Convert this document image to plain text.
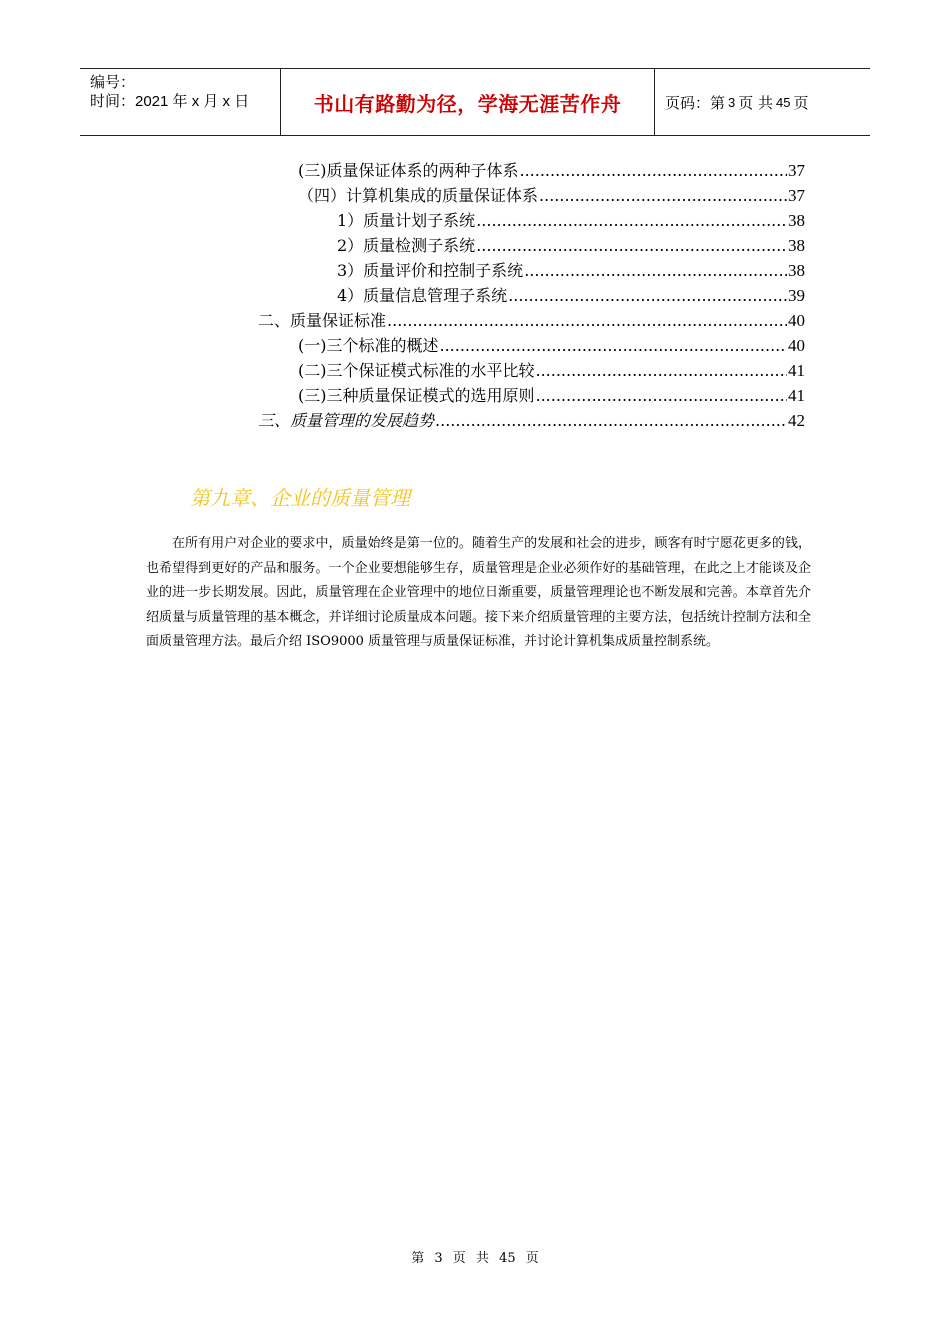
编号：
时间：2021 年 x 月 x 日	书山有路勤为径，学海无涯苦作舟	页码：第 3 页 共 45 页
(三)质量保证体系的两种子体系 .....	37
（四）计算机集成的质量保证体系 .....	37
1）质量计划子系统 .....	38
2）质量检测子系统 .....	38
3）质量评价和控制子系统 .....	38
4）质量信息管理子系统 .....	39
二、质量保证标准 .....	40
(一)三个标准的概述 .....	40
(二)三个保证模式标准的水平比较 .....	41
(三)三种质量保证模式的选用原则 .....	41
三、质量管理的发展趋势 .....	42
第九章、企业的质量管理

在所有用户对企业的要求中，质量始终是第一位的。随着生产的发展和社会的进步，顾客有时宁愿花更多的钱，也希望得到更好的产品和服务。一个企业要想能够生存，质量管理是企业必须作好的基础管理，在此之上才能谈及企业的进一步长期发展。因此，质量管理在企业管理中的地位日渐重要，质量管理理论也不断发展和完善。本章首先介绍质量与质量管理的基本概念，并详细讨论质量成本问题。接下来介绍质量管理的主要方法，包括统计控制方法和全面质量管理方法。最后介绍 ISO9000 质量管理与质量保证标准，并讨论计算机集成质量控制系统。

第 3 页 共 45 页
